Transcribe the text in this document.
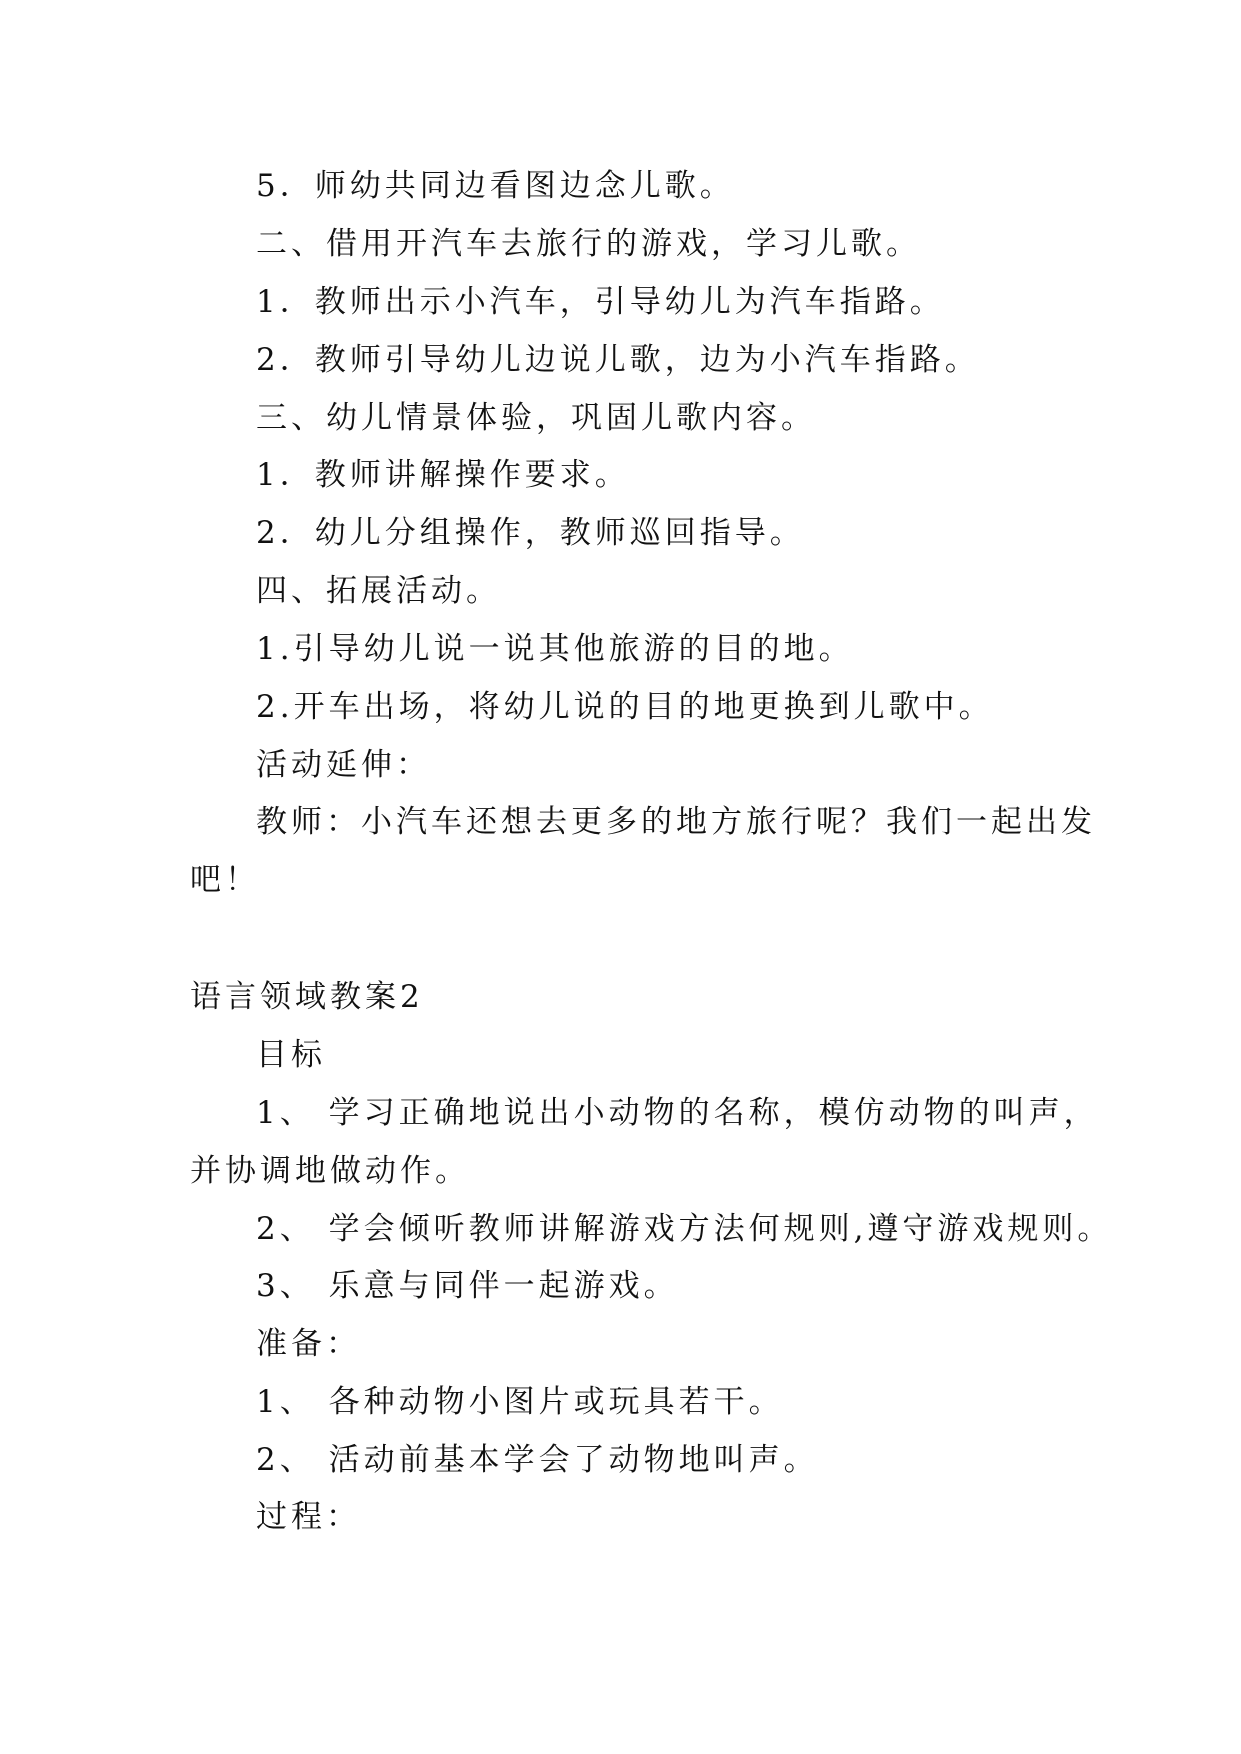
5．师幼共同边看图边念儿歌。
二、借用开汽车去旅行的游戏，学习儿歌。
1．教师出示小汽车，引导幼儿为汽车指路。
2．教师引导幼儿边说儿歌，边为小汽车指路。
三、幼儿情景体验，巩固儿歌内容。
1．教师讲解操作要求。
2．幼儿分组操作，教师巡回指导。
四、拓展活动。
1.引导幼儿说一说其他旅游的目的地。
2.开车出场，将幼儿说的目的地更换到儿歌中。
活动延伸：
教师：小汽车还想去更多的地方旅行呢？我们一起出发
吧！
语言领域教案2
目标
1、 学习正确地说出小动物的名称，模仿动物的叫声，
并协调地做动作。
2、 学会倾听教师讲解游戏方法何规则,遵守游戏规则。
3、 乐意与同伴一起游戏。
准备：
1、 各种动物小图片或玩具若干。
2、 活动前基本学会了动物地叫声。
过程：
